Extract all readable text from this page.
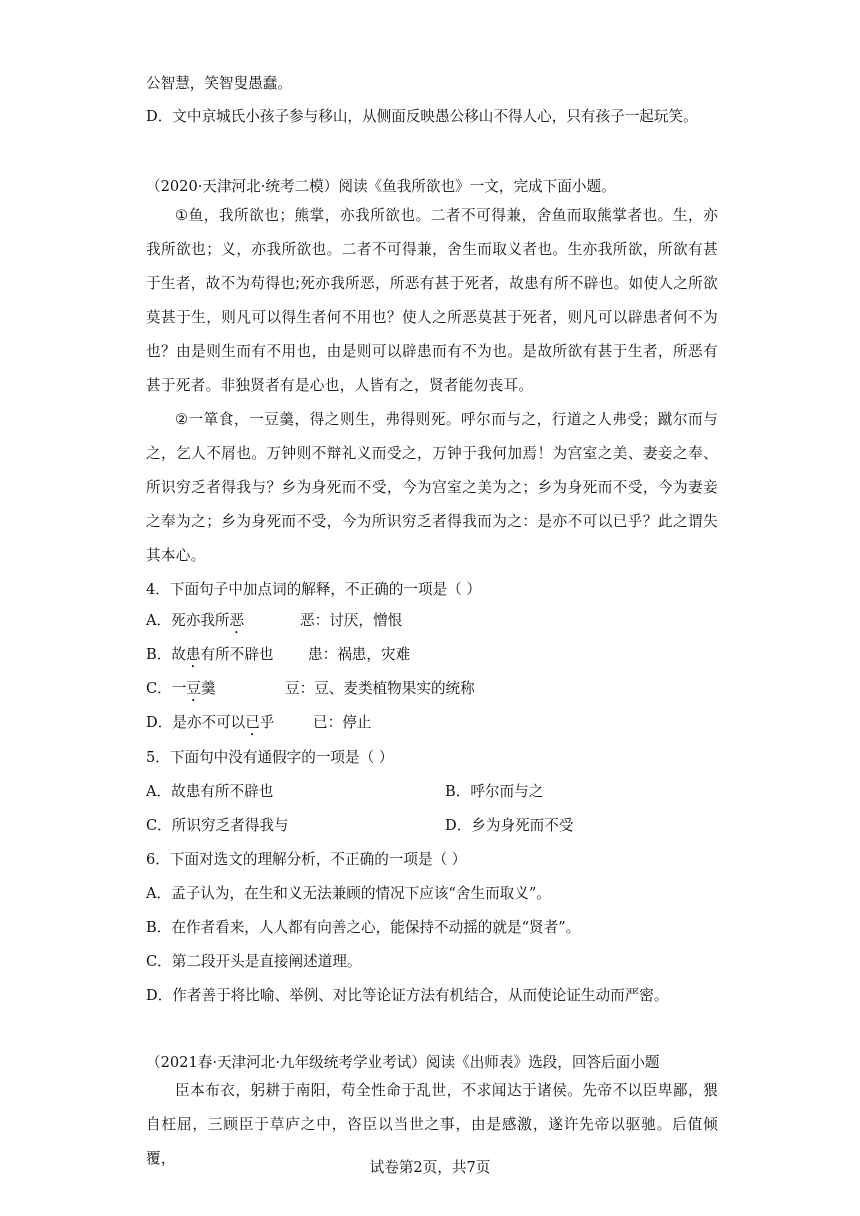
公智慧，笑智叟愚蠢。
D．文中京城氏小孩子参与移山，从侧面反映愚公移山不得人心，只有孩子一起玩笑。
（2020·天津河北·统考二模）阅读《鱼我所欲也》一文，完成下面小题。
①鱼，我所欲也；熊掌，亦我所欲也。二者不可得兼，舍鱼而取熊掌者也。生，亦我所欲也；义，亦我所欲也。二者不可得兼，舍生而取义者也。生亦我所欲，所欲有甚于生者，故不为苟得也;死亦我所恶，所恶有甚于死者，故患有所不辟也。如使人之所欲莫甚于生，则凡可以得生者何不用也？使人之所恶莫甚于死者，则凡可以辟患者何不为也？由是则生而有不用也，由是则可以辟患而有不为也。是故所欲有甚于生者，所恶有甚于死者。非独贤者有是心也，人皆有之，贤者能勿丧耳。
②一箪食，一豆羹，得之则生，弗得则死。呼尔而与之，行道之人弗受；蹴尔而与之，乞人不屑也。万钟则不辩礼义而受之，万钟于我何加焉！为宫室之美、妻妾之奉、所识穷乏者得我与？乡为身死而不受，今为宫室之美为之；乡为身死而不受，今为妻妾之奉为之；乡为身死而不受，今为所识穷乏者得我而为之：是亦不可以已乎？此之谓失其本心。
4．下面句子中加点词的解释，不正确的一项是（ ）
A．死亦我所恶	恶：讨厌，憎恨
B．故患有所不辟也 患：祸患，灾难
C．一豆羹	豆：豆、麦类植物果实的统称
D．是亦不可以已乎	已：停止
5．下面句中没有通假字的一项是（ ）
A．故患有所不辟也	B．呼尔而与之
C．所识穷乏者得我与	D．乡为身死而不受
6．下面对选文的理解分析，不正确的一项是（ ）
A．孟子认为，在生和义无法兼顾的情况下应该“舍生而取义”。
B．在作者看来，人人都有向善之心，能保持不动摇的就是“贤者”。
C．第二段开头是直接阐述道理。
D．作者善于将比喻、举例、对比等论证方法有机结合，从而使论证生动而严密。
（2021春·天津河北·九年级统考学业考试）阅读《出师表》选段，回答后面小题
臣本布衣，躬耕于南阳，苟全性命于乱世，不求闻达于诸侯。先帝不以臣卑鄙，猥自枉屈，三顾臣于草庐之中，咨臣以当世之事，由是感激，遂许先帝以驱驰。后值倾覆，
试卷第2页，共7页
